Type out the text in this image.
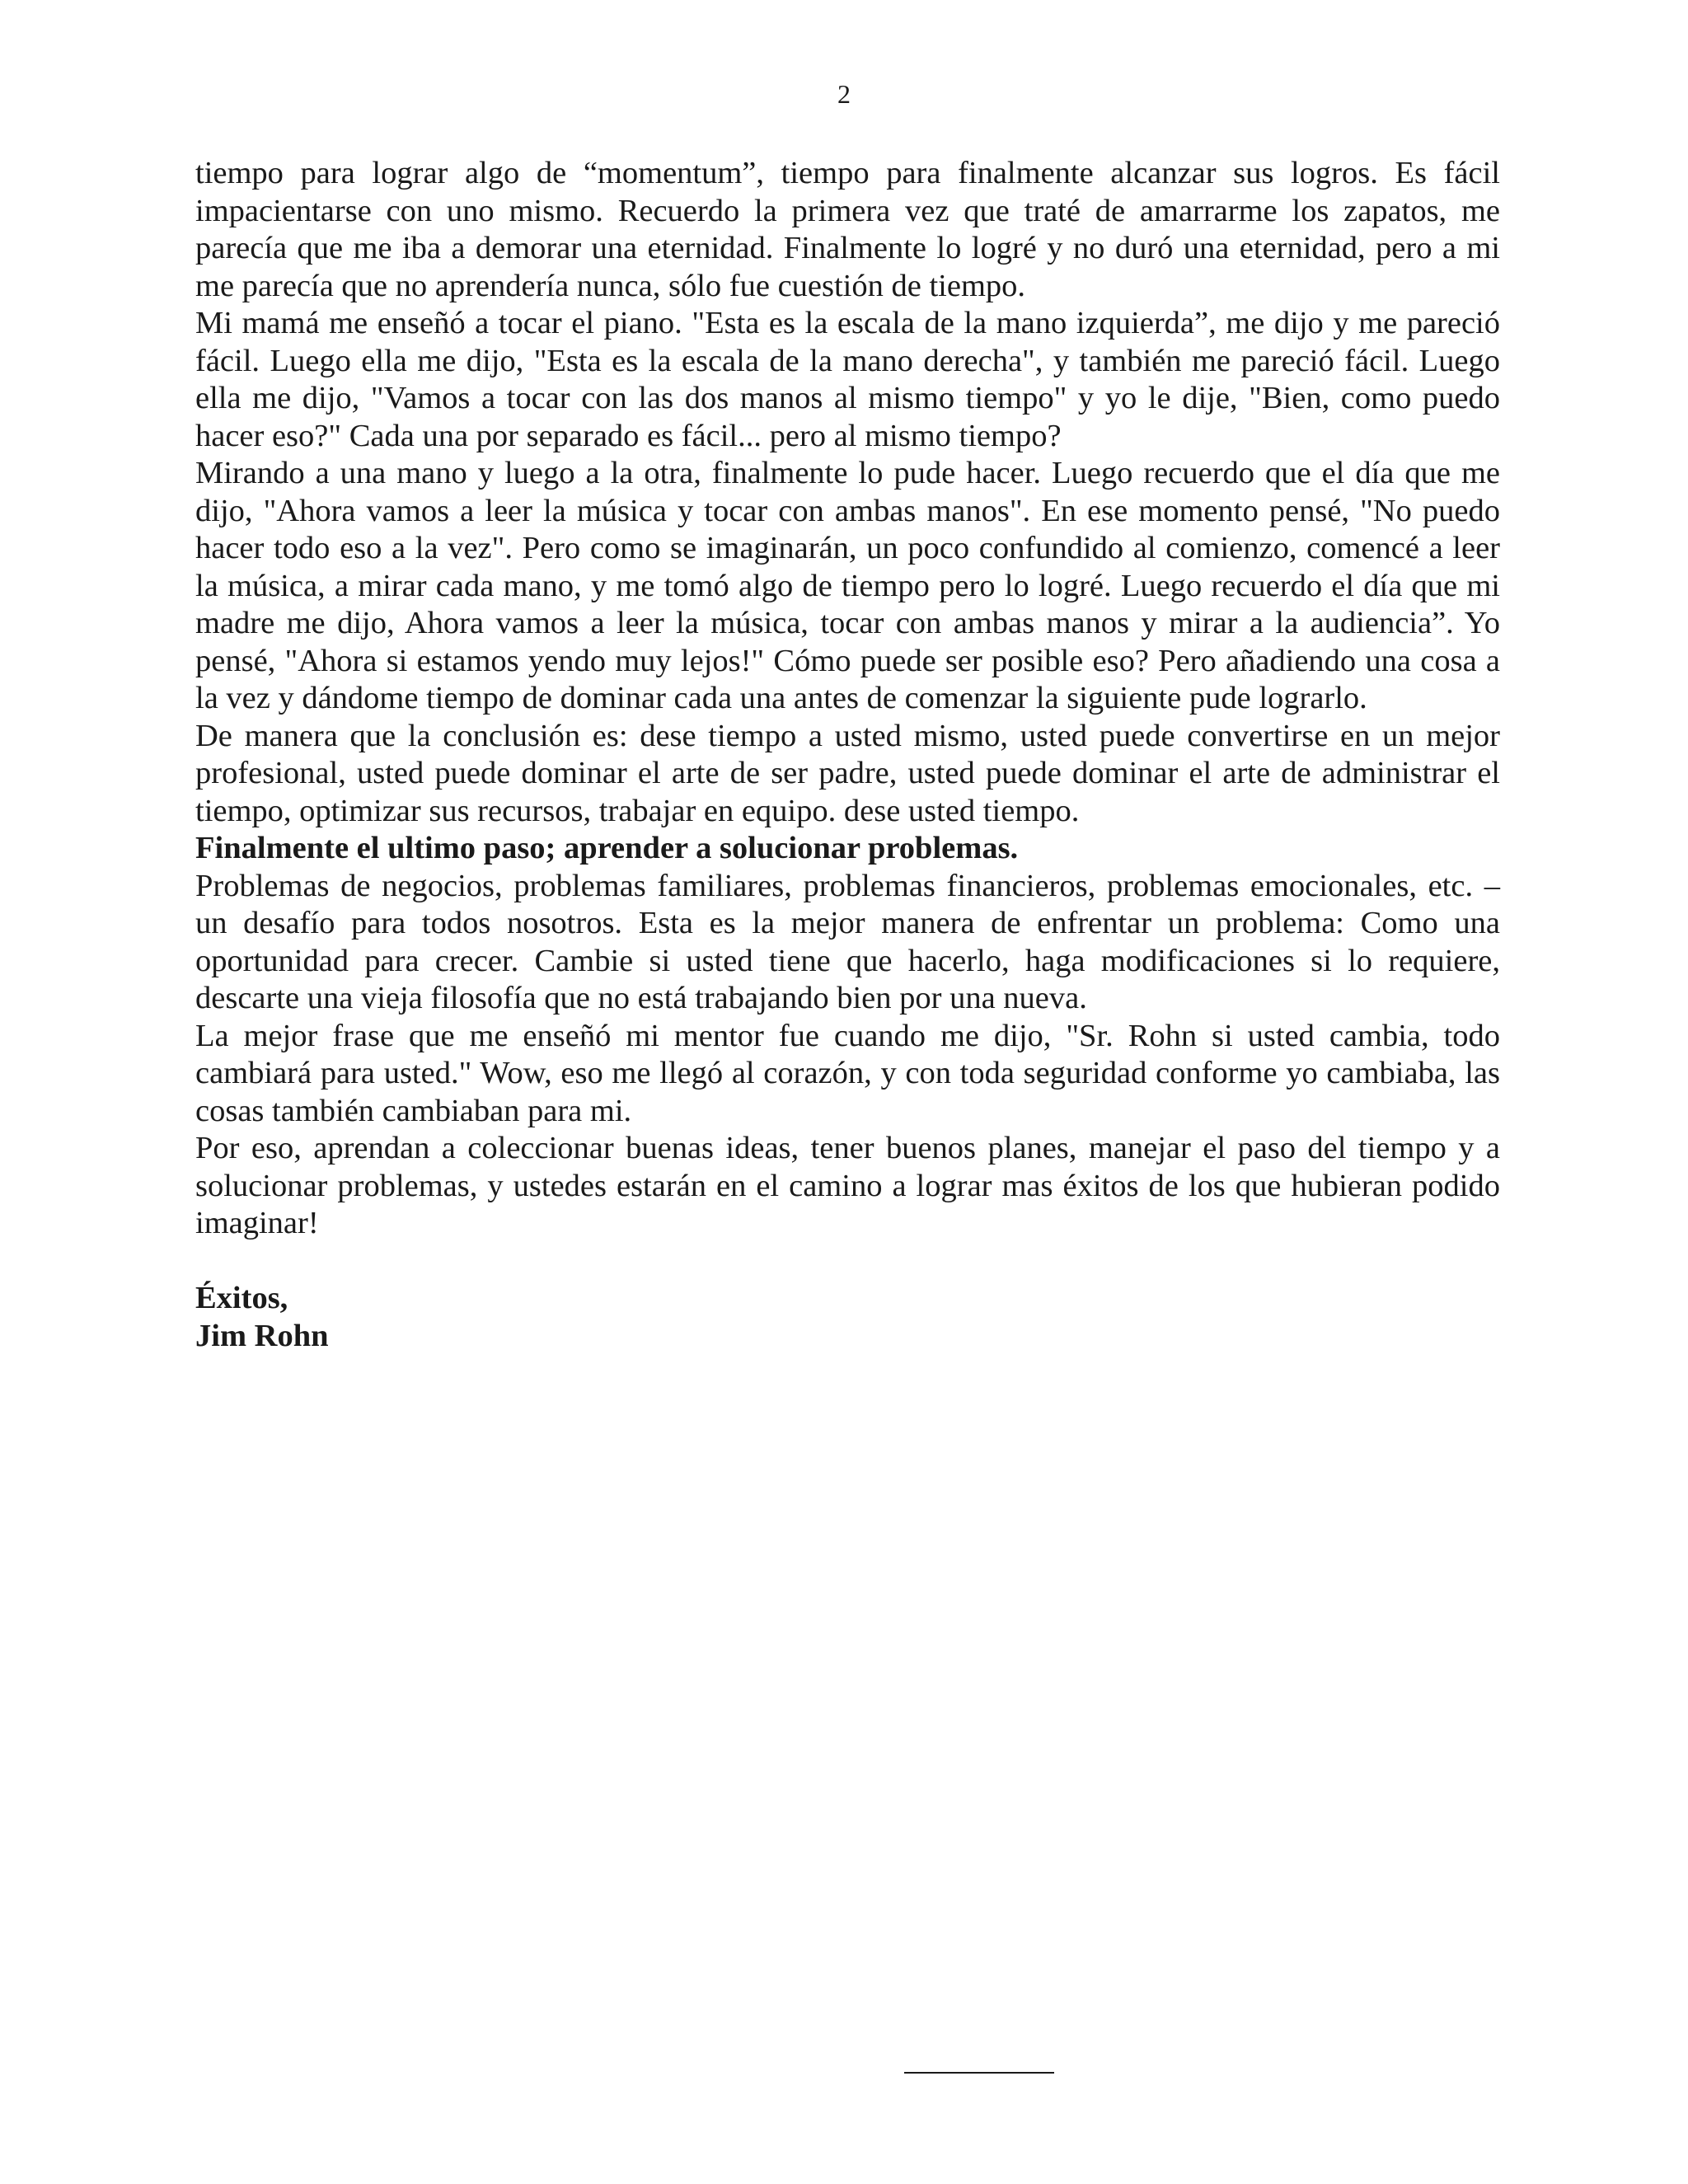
2

tiempo para lograr algo de “momentum”, tiempo para finalmente alcanzar sus logros. Es fácil impacientarse con uno mismo. Recuerdo la primera vez que traté de amarrarme los zapatos, me parecía que me iba a demorar una eternidad. Finalmente lo logré y no duró una eternidad, pero a mi me parecía que no aprendería nunca, sólo fue cuestión de tiempo.

Mi mamá me enseñó a tocar el piano. "Esta es la escala de la mano izquierda”, me dijo y me pareció fácil. Luego ella me dijo, "Esta es la escala de la mano derecha", y también me pareció fácil. Luego ella me dijo, "Vamos a tocar con las dos manos al mismo tiempo" y yo le dije, "Bien, como puedo hacer eso?" Cada una por separado es fácil... pero al mismo tiempo?

Mirando a una mano y luego a la otra, finalmente lo pude hacer. Luego recuerdo que el día que me dijo, "Ahora vamos a leer la música y tocar con ambas manos". En ese momento pensé, "No puedo hacer todo eso a la vez". Pero como se imaginarán, un poco confundido al comienzo, comencé a leer la música, a mirar cada mano, y me tomó algo de tiempo pero lo logré. Luego recuerdo el día que mi madre me dijo, Ahora vamos a leer la música, tocar con ambas manos y mirar a la audiencia”. Yo pensé, "Ahora si estamos yendo muy lejos!" Cómo puede ser posible eso? Pero añadiendo una cosa a la vez y dándome tiempo de dominar cada una antes de comenzar la siguiente pude lograrlo.

De manera que la conclusión es: dese tiempo a usted mismo, usted puede convertirse en un mejor profesional, usted puede dominar el arte de ser padre, usted puede dominar el arte de administrar el tiempo, optimizar sus recursos, trabajar en equipo. dese usted tiempo.

Finalmente el ultimo paso; aprender a solucionar problemas.

Problemas de negocios, problemas familiares, problemas financieros, problemas emocionales, etc. – un desafío para todos nosotros. Esta es la mejor manera de enfrentar un problema: Como una oportunidad para crecer. Cambie si usted tiene que hacerlo, haga modificaciones si lo requiere, descarte una vieja filosofía que no está trabajando bien por una nueva.

La mejor frase que me enseñó mi mentor fue cuando me dijo, "Sr. Rohn si usted cambia, todo cambiará para usted." Wow, eso me llegó al corazón, y con toda seguridad conforme yo cambiaba, las cosas también cambiaban para mi.

Por eso, aprendan a coleccionar buenas ideas, tener buenos planes, manejar el paso del tiempo y a solucionar problemas, y ustedes estarán en el camino a lograr mas éxitos de los que hubieran podido imaginar!

Éxitos,

Jim Rohn
